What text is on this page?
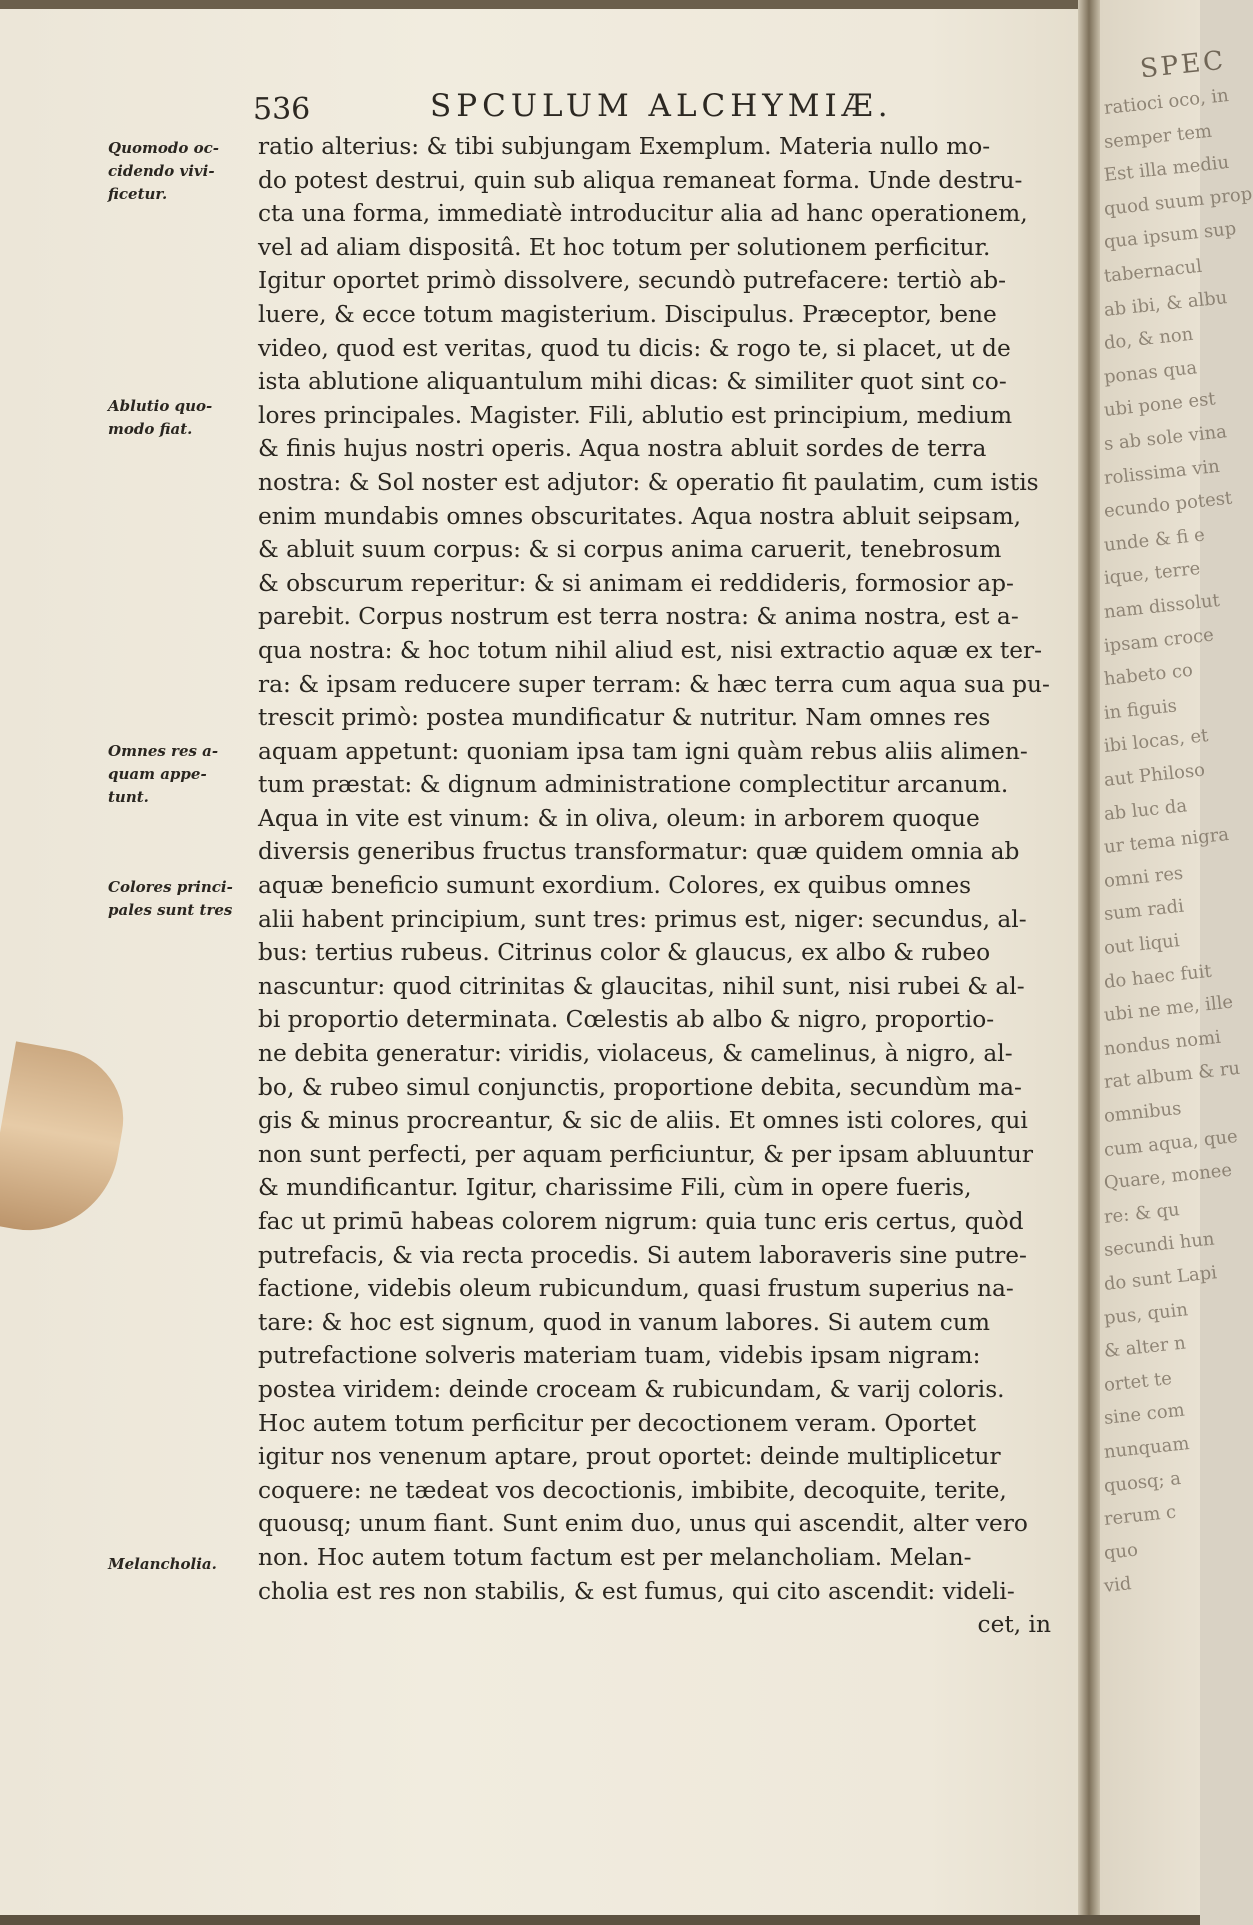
536	SPCULUM ALCHYMIÆ.
Quomodo oc-
cidendo vivi-
ficetur.
Ablutio quo-
modo fiat.
Omnes res a-
quam appe-
tunt.
Colores princi-
pales sunt tres
Melancholia.
ratio alterius: & tibi subjungam Exemplum. Materia nullo mo-
do potest destrui, quin sub aliqua remaneat forma. Unde destru-
cta una forma, immediatè introducitur alia ad hanc operationem,
vel ad aliam dispositâ. Et hoc totum per solutionem perficitur.
Igitur oportet primò dissolvere, secundò putrefacere: tertiò ab-
luere, & ecce totum magisterium. Discipulus. Præceptor, bene
video, quod est veritas, quod tu dicis: & rogo te, si placet, ut de
ista ablutione aliquantulum mihi dicas: & similiter quot sint co-
lores principales. Magister. Fili, ablutio est principium, medium
& finis hujus nostri operis. Aqua nostra abluit sordes de terra
nostra: & Sol noster est adjutor: & operatio fit paulatim, cum istis
enim mundabis omnes obscuritates. Aqua nostra abluit seipsam,
& abluit suum corpus: & si corpus anima caruerit, tenebrosum
& obscurum reperitur: & si animam ei reddideris, formosior ap-
parebit. Corpus nostrum est terra nostra: & anima nostra, est a-
qua nostra: & hoc totum nihil aliud est, nisi extractio aquæ ex ter-
ra: & ipsam reducere super terram: & hæc terra cum aqua sua pu-
trescit primò: postea mundificatur & nutritur. Nam omnes res
aquam appetunt: quoniam ipsa tam igni quàm rebus aliis alimen-
tum præstat: & dignum administratione complectitur arcanum.
Aqua in vite est vinum: & in oliva, oleum: in arborem quoque
diversis generibus fructus transformatur: quæ quidem omnia ab
aquæ beneficio sumunt exordium. Colores, ex quibus omnes
alii habent principium, sunt tres: primus est, niger: secundus, al-
bus: tertius rubeus. Citrinus color & glaucus, ex albo & rubeo
nascuntur: quod citrinitas & glaucitas, nihil sunt, nisi rubei & al-
bi proportio determinata. Cœlestis ab albo & nigro, proportio-
ne debita generatur: viridis, violaceus, & camelinus, à nigro, al-
bo, & rubeo simul conjunctis, proportione debita, secundùm ma-
gis & minus procreantur, & sic de aliis. Et omnes isti colores, qui
non sunt perfecti, per aquam perficiuntur, & per ipsam abluuntur
& mundificantur. Igitur, charissime Fili, cùm in opere fueris,
fac ut primū habeas colorem nigrum: quia tunc eris certus, quòd
putrefacis, & via recta procedis. Si autem laboraveris sine putre-
factione, videbis oleum rubicundum, quasi frustum superius na-
tare: & hoc est signum, quod in vanum labores. Si autem cum
putrefactione solveris materiam tuam, videbis ipsam nigram:
postea viridem: deinde croceam & rubicundam, & varij coloris.
Hoc autem totum perficitur per decoctionem veram. Oportet
igitur nos venenum aptare, prout oportet: deinde multiplicetur
coquere: ne tædeat vos decoctionis, imbibite, decoquite, terite,
quousq; unum fiant. Sunt enim duo, unus qui ascendit, alter vero
non. Hoc autem totum factum est per melancholiam. Melan-
cholia est res non stabilis, & est fumus, qui cito ascendit: videli-
cet, in
SPEC
ratioci oco, in
semper tem
Est illa mediu
quod suum prop
qua ipsum sup
tabernacul
ab ibi, & albu
do, & non
ponas qua
ubi pone est
s ab sole vina
rolissima vin
ecundo potest
unde & fi e
ique, terre
nam dissolut
ipsam croce
habeto co
in figuis
ibi locas, et
aut Philoso
ab luc da
ur tema nigra
omni res
sum radi
out liqui
do haec fuit
ubi ne me, ille
nondus nomi
rat album & ru
omnibus
cum aqua, que
Quare, monee
re: & qu
secundi hun
do sunt Lapi
pus, quin
& alter n
ortet te
sine com
nunquam
quosq; a
rerum c
quo
vid
